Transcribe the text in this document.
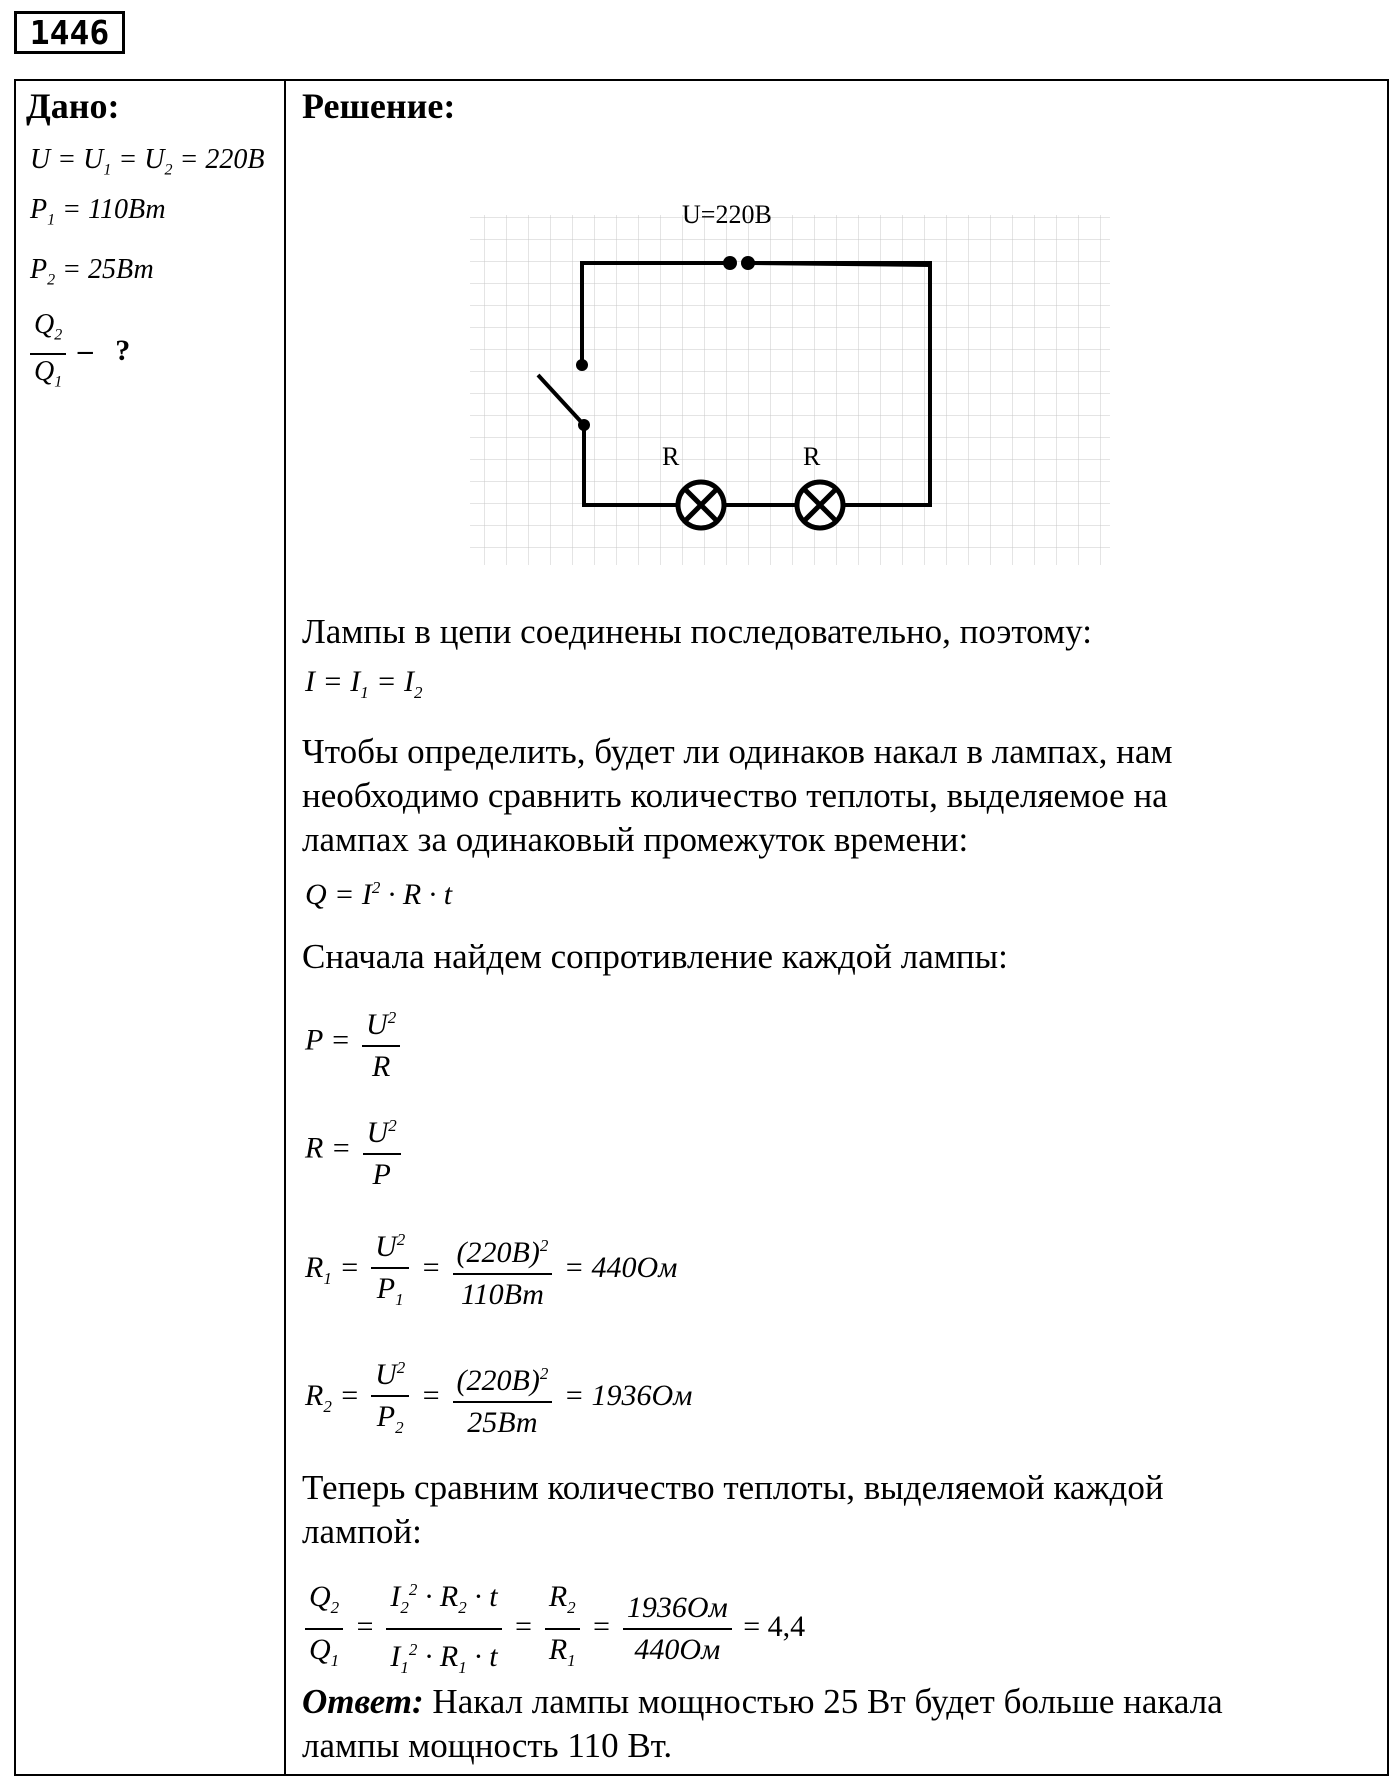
1446
Дано:
$U = U_1 = U_2 = 220В$
$P_1 = 110Вт$
$P_2 = 25Вт$
$\frac{Q_2}{Q_1}$ –   ?
Решение:
U=220В
R	R
Лампы в цепи соединены последовательно, поэтому:
$I = I_1 = I_2$
Чтобы определить, будет ли одинаков накал в лампах, нам
необходимо сравнить количество теплоты, выделяемое на
лампах за одинаковый промежуток времени:
$Q = I^2 \cdot R \cdot t$
Сначала найдем сопротивление каждой лампы:
$P = \frac{U^2}{R}$
$R = \frac{U^2}{P}$
$R_1 = \frac{U^2}{P_1} = \frac{(220В)^2}{110Вт} = 440Ом$
$R_2 = \frac{U^2}{P_2} = \frac{(220В)^2}{25Вт} = 1936Ом$
Теперь сравним количество теплоты, выделяемой каждой
лампой:
$\frac{Q_2}{Q_1} = \frac{I_2^2 \cdot R_2 \cdot t}{I_1^2 \cdot R_1 \cdot t} = \frac{R_2}{R_1} = \frac{1936Ом}{440Ом} = 4,4$
Ответ: Накал лампы мощностью 25 Вт будет больше накала
лампы мощность 110 Вт.
